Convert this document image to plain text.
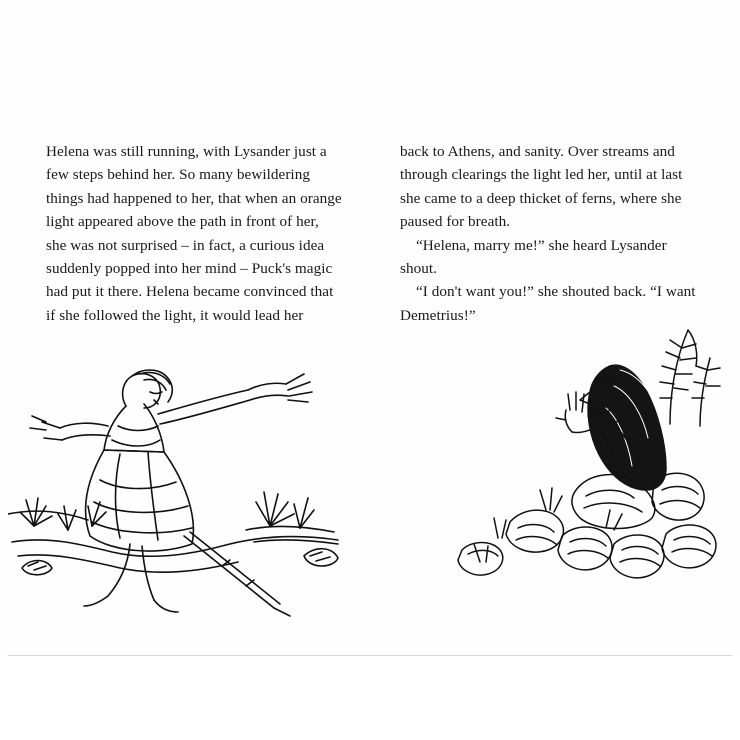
Helena was still running, with Lysander just a few steps behind her. So many bewildering things had happened to her, that when an orange light appeared above the path in front of her, she was not surprised – in fact, a curious idea suddenly popped into her mind – Puck's magic had put it there. Helena became convinced that if she followed the light, it would lead her

back to Athens, and sanity. Over streams and through clearings the light led her, until at last she came to a deep thicket of ferns, where she paused for breath.

“Helena, marry me!” she heard Lysander shout.

“I don't want you!” she shouted back. “I want Demetrius!”
